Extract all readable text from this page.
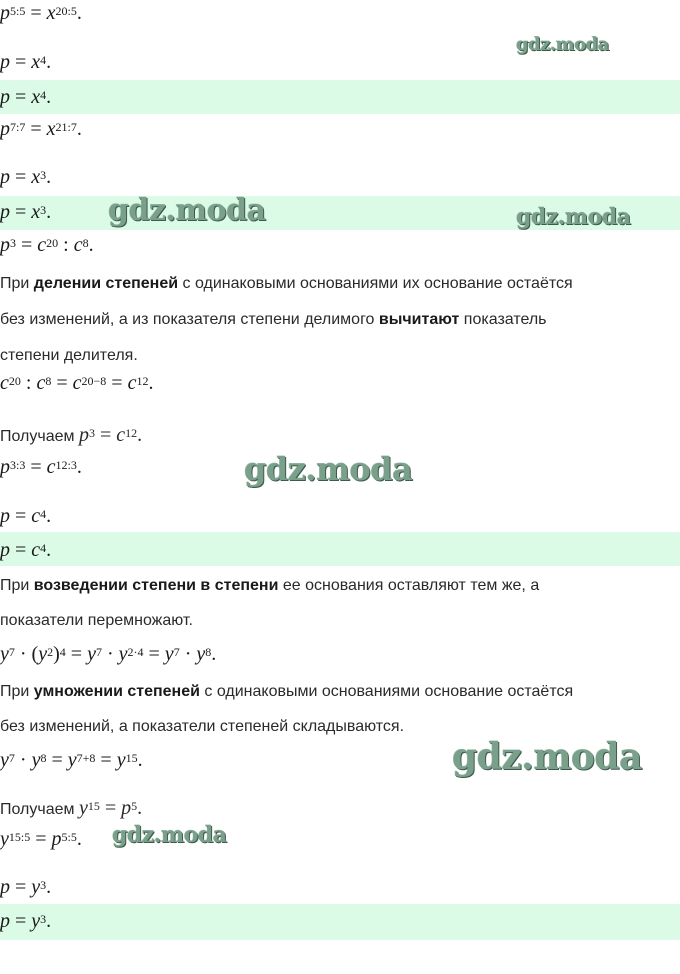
$p^{5:5} = x^{20:5}$.
$p = x^4$.
$p = x^4$.
$p^{7:7} = x^{21:7}$.
$p = x^3$.
$p = x^3$.
$p^3 = c^{20}$ : $c^8$.
При делении степеней с одинаковыми основаниями их основание остаётся
без изменений, а из показателя степени делимого вычитают показатель
степени делителя.
$c^{20}$ : $c^8 = c^{20-8} = c^{12}$.
Получаем $p^3 = c^{12}$.
$p^{3:3} = c^{12:3}$.
$p = c^4$.
$p = c^4$.
При возведении степени в степени ее основания оставляют тем же, а
показатели перемножают.
$y^7 \cdot (y^2)^4 = y^7 \cdot y^{2\cdot 4} = y^7 \cdot y^8$.
При умножении степеней с одинаковыми основаниями основание остаётся
без изменений, а показатели степеней складываются.
$y^7 \cdot y^8 = y^{7+8} = y^{15}$.
Получаем $y^{15} = p^5$.
$y^{15:5} = p^{5:5}$.
$p = y^3$.
$p = y^3$.
gdz.moda
gdz.moda	gdz.moda
gdz.moda
gdz.moda
gdz.moda
